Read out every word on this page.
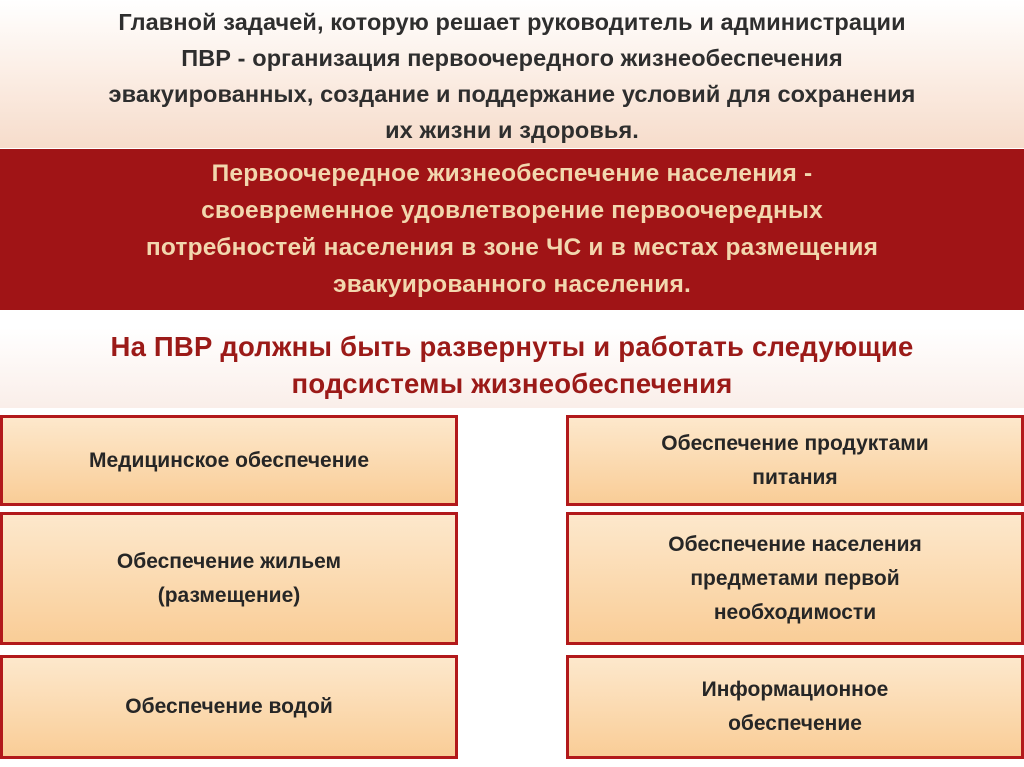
Главной задачей, которую решает руководитель и администрации
ПВР - организация первоочередного жизнеобеспечения
эвакуированных, создание и поддержание условий для сохранения
их жизни и здоровья.

Первоочередное жизнеобеспечение населения -
своевременное удовлетворение первоочередных
потребностей населения в зоне ЧС и в местах размещения
эвакуированного населения.

На ПВР должны быть развернуты и работать следующие
подсистемы жизнеобеспечения

Медицинское обеспечение
Обеспечение продуктами
питания
Обеспечение жильем
(размещение)
Обеспечение населения
предметами первой
необходимости
Обеспечение водой
Информационное
обеспечение
